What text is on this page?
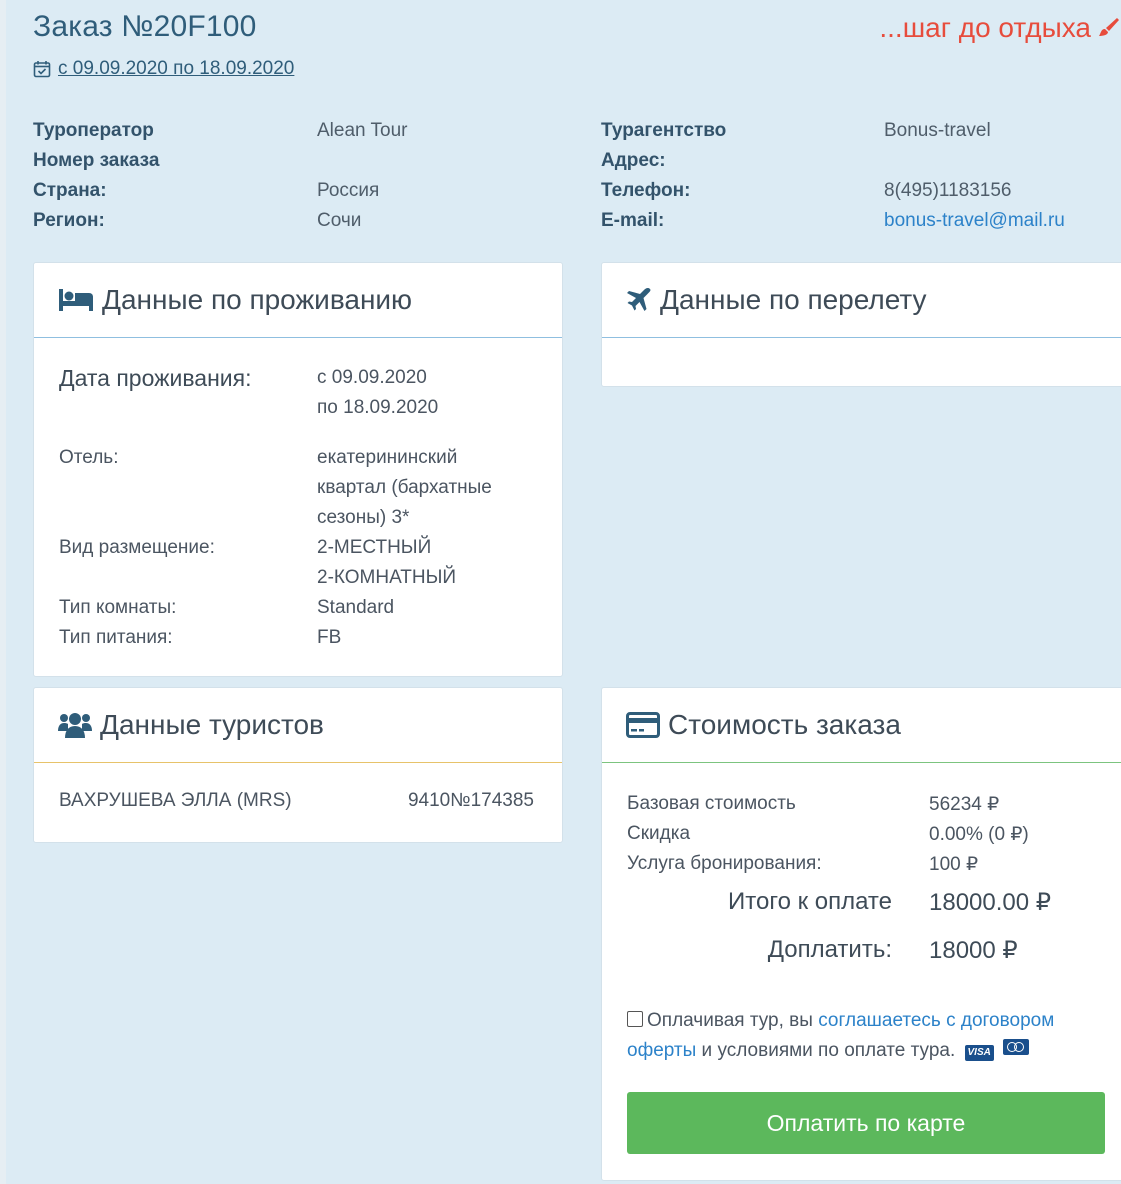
Заказ №20F100
с 09.09.2020 по 18.09.2020
...шаг до отдыха
Туроператор	Alean Tour
Номер заказа
Страна:	Россия
Регион:	Сочи
Турагентство	Bonus-travel
Адрес:
Телефон:	8(495)1183156
E-mail:	bonus-travel@mail.ru
Данные по проживанию
Дата проживания:	с 09.09.2020
по 18.09.2020
Отель:	екатерининский
квартал (бархатные
сезоны) 3*
Вид размещение:	2-МЕСТНЫЙ
2-КОМНАТНЫЙ
Тип комнаты:	Standard
Тип питания:	FB
Данные по перелету
Данные туристов
ВАХРУШЕВА ЭЛЛА (MRS)	9410№174385
Стоимость заказа
Базовая стоимость	56234 ₽
Скидка	0.00% (0 ₽)
Услуга бронирования:	100 ₽
Итого к оплате 18000.00 ₽
Доплатить: 18000 ₽
Оплачивая тур, вы соглашаетесь с договором
оферты и условиями по оплате тура. VISA
Оплатить по карте
